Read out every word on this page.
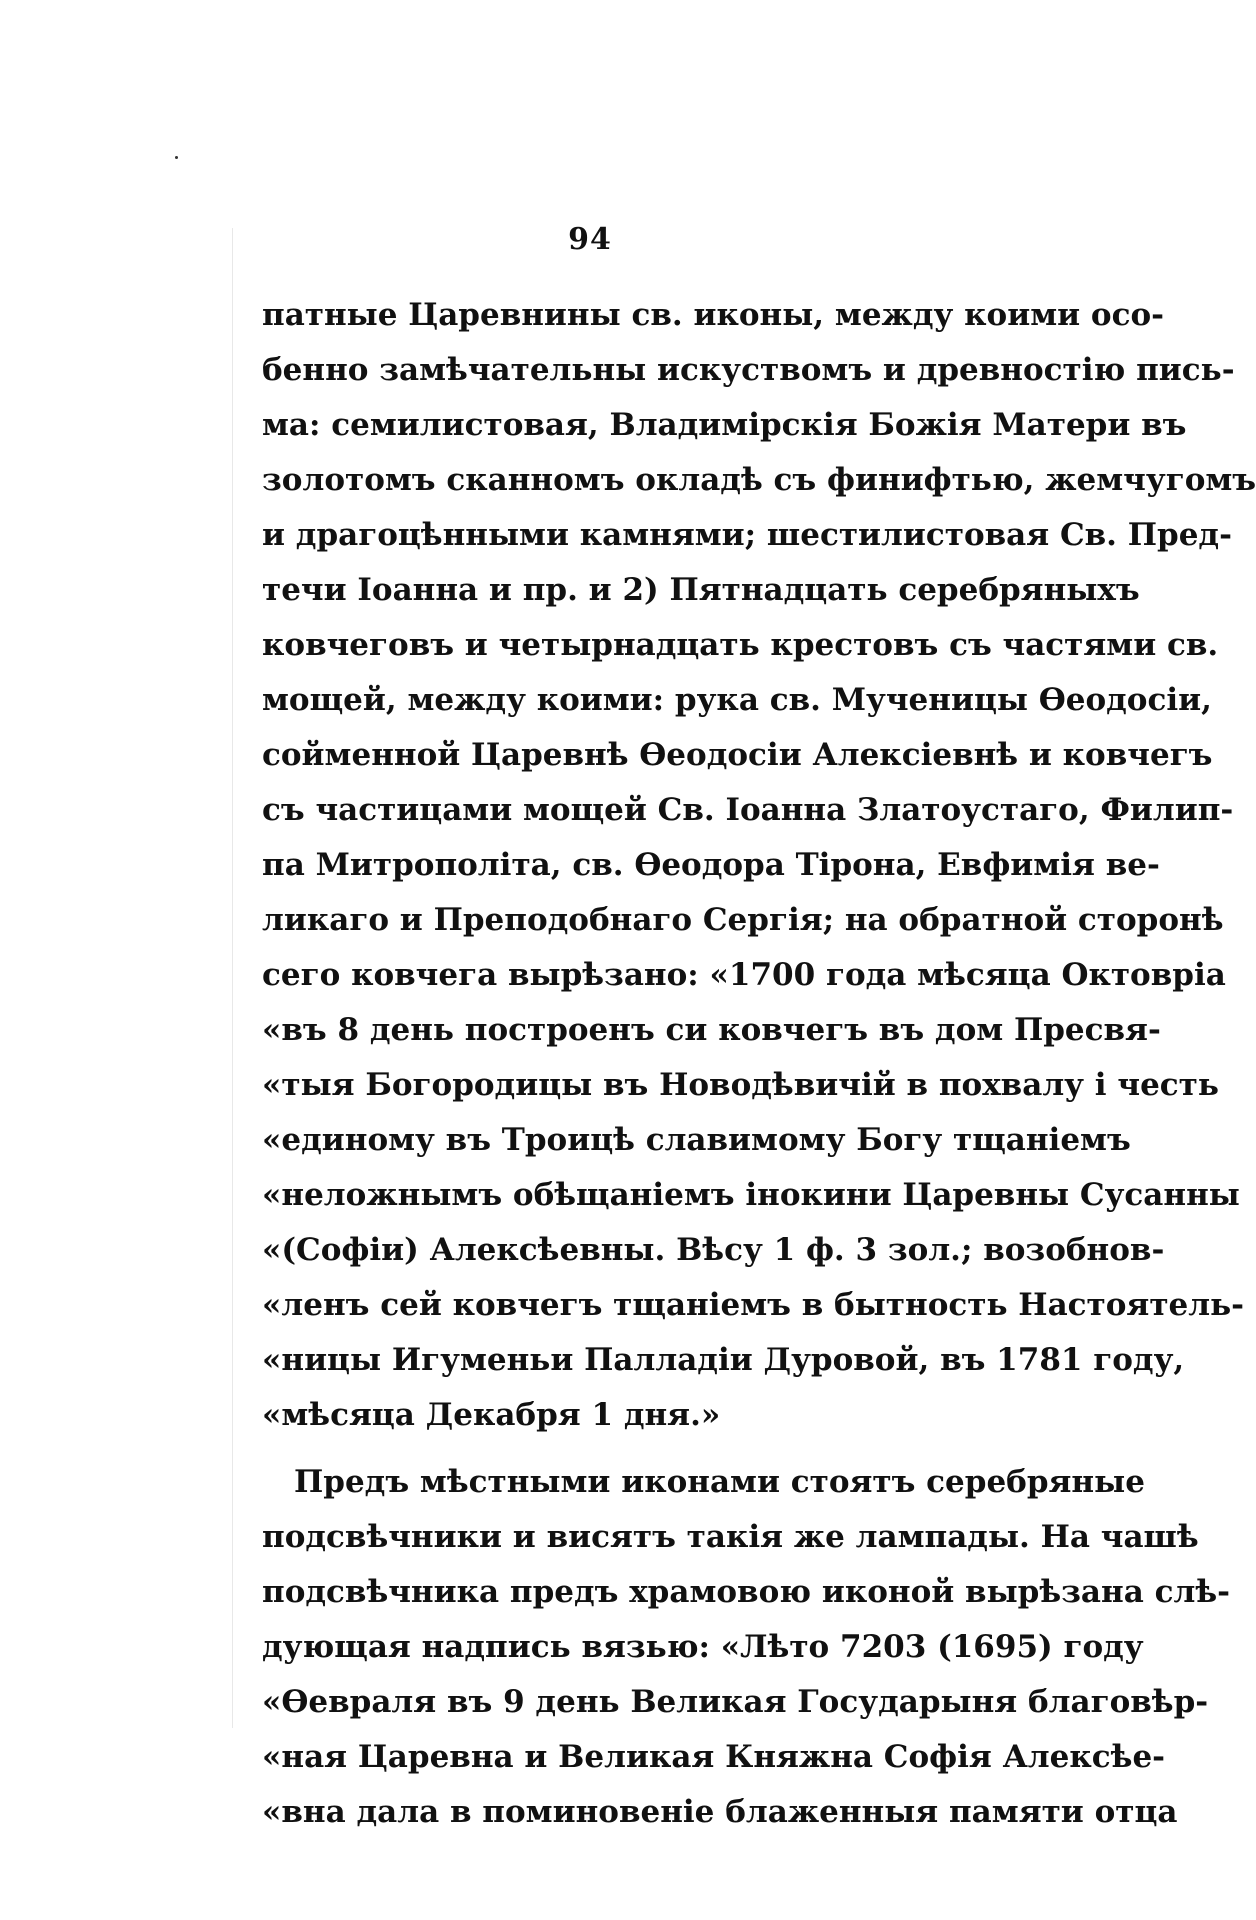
94
патные Царевнины св. иконы, между коими осо-
бенно замѣчательны искуствомъ и древностію пись-
ма: семилистовая, Владимірскія Божія Матери въ
золотомъ сканномъ окладѣ съ финифтью, жемчугомъ
и драгоцѣнными камнями; шестилистовая Св. Пред-
течи Іоанна и пр. и 2) Пятнадцать серебряныхъ
ковчеговъ и четырнадцать крестовъ съ частями св.
мощей, между коими: рука св. Мученицы Өеодосіи,
сойменной Царевнѣ Өеодосіи Алексіевнѣ и ковчегъ
съ частицами мощей Св. Іоанна Златоустаго, Филип-
па Митрополіта, св. Өеодора Тірона, Евфимія ве-
ликаго и Преподобнаго Сергія; на обратной сторонѣ
сего ковчега вырѣзано: «1700 года мѣсяца Октовріа
«въ 8 день построенъ си ковчегъ въ дом Пресвя-
«тыя Богородицы въ Новодѣвичій в похвалу і честь
«единому въ Троицѣ славимому Богу тщаніемъ
«неложнымъ обѣщаніемъ інокини Царевны Сусанны
«(Софіи) Алексѣевны. Вѣсу 1 ф. 3 зол.; возобнов-
«ленъ сей ковчегъ тщаніемъ в бытность Настоятель-
«ницы Игуменьи Палладіи Дуровой, въ 1781 году,
«мѣсяца Декабря 1 дня.»
Предъ мѣстными иконами стоятъ серебряные
подсвѣчники и висятъ такія же лампады. На чашѣ
подсвѣчника предъ храмовою иконой вырѣзана слѣ-
дующая надпись вязью: «Лѣто 7203 (1695) году
«Өевраля въ 9 день Великая Государыня благовѣр-
«ная Царевна и Великая Княжна Софія Алексѣе-
«вна дала в поминовеніе блаженныя памяти отца
